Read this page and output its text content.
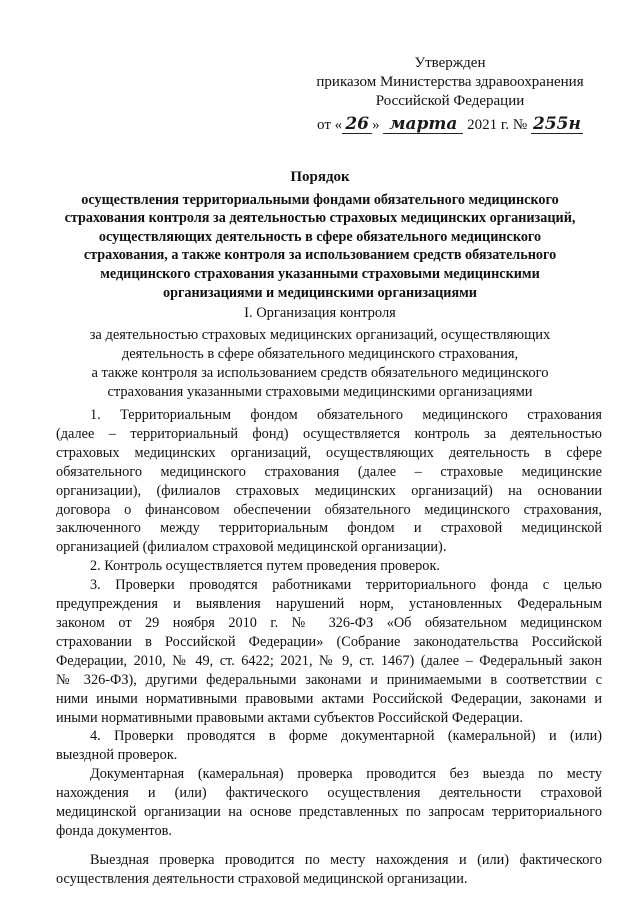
Утвержден
приказом Министерства здравоохранения
Российской Федерации
от « 26 » марта 2021 г. № 255н
Порядок
осуществления территориальными фондами обязательного медицинского
страхования контроля за деятельностью страховых медицинских организаций,
осуществляющих деятельность в сфере обязательного медицинского
страхования, а также контроля за использованием средств обязательного
медицинского страхования указанными страховыми медицинскими
организациями и медицинскими организациями
I. Организация контроля
за деятельностью страховых медицинских организаций, осуществляющих
деятельность в сфере обязательного медицинского страхования,
а также контроля за использованием средств обязательного медицинского
страхования указанными страховыми медицинскими организациями

1. Территориальным фондом обязательного медицинского страхования
(далее – территориальный фонд) осуществляется контроль за деятельностью
страховых медицинских организаций, осуществляющих деятельность в сфере
обязательного медицинского страхования (далее – страховые медицинские
организации), (филиалов страховых медицинских организаций) на основании
договора о финансовом обеспечении обязательного медицинского страхования,
заключенного между территориальным фондом и страховой медицинской
организацией (филиалом страховой медицинской организации).

2. Контроль осуществляется путем проведения проверок.

3. Проверки проводятся работниками территориального фонда с целью
предупреждения и выявления нарушений норм, установленных Федеральным
законом от 29 ноября 2010 г. № 326-ФЗ «Об обязательном медицинском
страховании в Российской Федерации» (Собрание законодательства Российской
Федерации, 2010, № 49, ст. 6422; 2021, № 9, ст. 1467) (далее – Федеральный закон
№ 326-ФЗ), другими федеральными законами и принимаемыми в соответствии с
ними иными нормативными правовыми актами Российской Федерации, законами и
иными нормативными правовыми актами субъектов Российской Федерации.

4. Проверки проводятся в форме документарной (камеральной) и (или)
выездной проверок.

Документарная (камеральная) проверка проводится без выезда по месту
нахождения и (или) фактического осуществления деятельности страховой
медицинской организации на основе представленных по запросам территориального
фонда документов.

Выездная проверка проводится по месту нахождения и (или) фактического
осуществления деятельности страховой медицинской организации.
